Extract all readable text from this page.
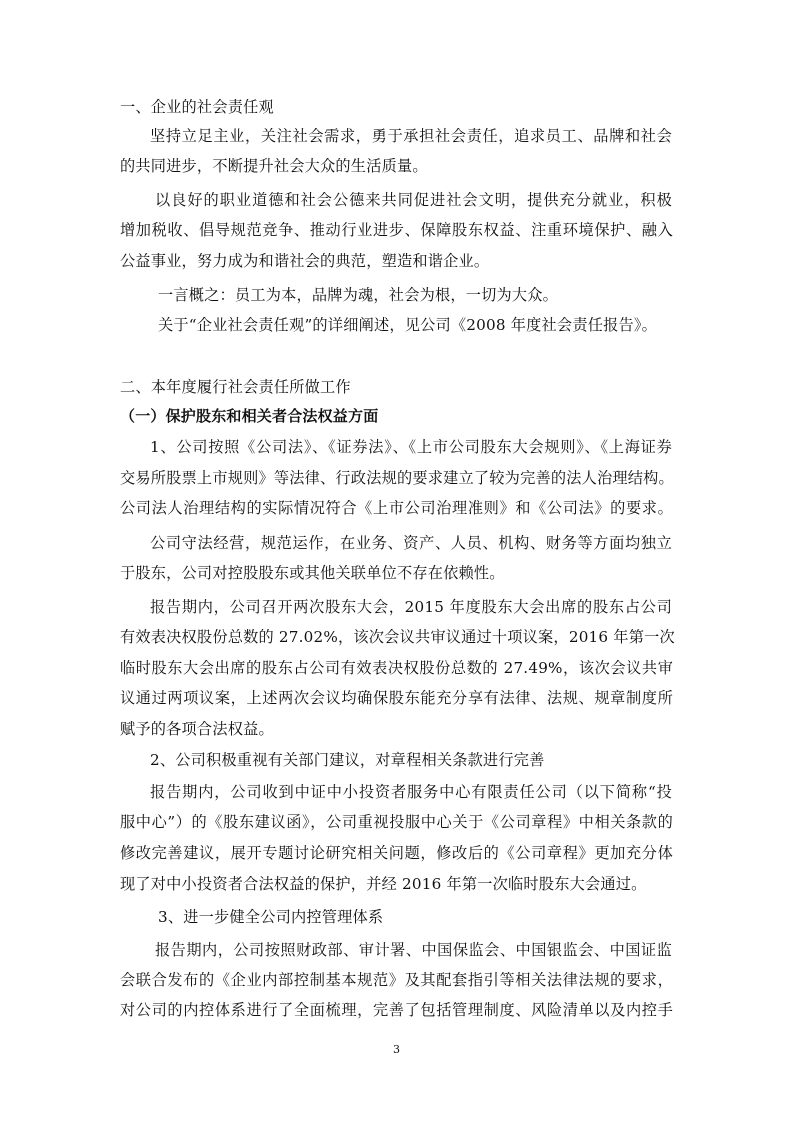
一、企业的社会责任观
坚持立足主业，关注社会需求，勇于承担社会责任，追求员工、品牌和社会
的共同进步，不断提升社会大众的生活质量。
以良好的职业道德和社会公德来共同促进社会文明，提供充分就业，积极
增加税收、倡导规范竞争、推动行业进步、保障股东权益、注重环境保护、融入
公益事业，努力成为和谐社会的典范，塑造和谐企业。
一言概之：员工为本，品牌为魂，社会为根，一切为大众。
关于“企业社会责任观”的详细阐述，见公司《2008 年度社会责任报告》。
二、本年度履行社会责任所做工作
（一）保护股东和相关者合法权益方面
1、公司按照《公司法》、《证券法》、《上市公司股东大会规则》、《上海证券
交易所股票上市规则》等法律、行政法规的要求建立了较为完善的法人治理结构。
公司法人治理结构的实际情况符合《上市公司治理准则》和《公司法》的要求。
公司守法经营，规范运作，在业务、资产、人员、机构、财务等方面均独立
于股东，公司对控股股东或其他关联单位不存在依赖性。
报告期内，公司召开两次股东大会，2015 年度股东大会出席的股东占公司
有效表决权股份总数的 27.02%，该次会议共审议通过十项议案，2016 年第一次
临时股东大会出席的股东占公司有效表决权股份总数的 27.49%，该次会议共审
议通过两项议案，上述两次会议均确保股东能充分享有法律、法规、规章制度所
赋予的各项合法权益。
2、公司积极重视有关部门建议，对章程相关条款进行完善
报告期内，公司收到中证中小投资者服务中心有限责任公司（以下简称“投
服中心”）的《股东建议函》，公司重视投服中心关于《公司章程》中相关条款的
修改完善建议，展开专题讨论研究相关问题，修改后的《公司章程》更加充分体
现了对中小投资者合法权益的保护，并经 2016 年第一次临时股东大会通过。
3、进一步健全公司内控管理体系
报告期内，公司按照财政部、审计署、中国保监会、中国银监会、中国证监
会联合发布的《企业内部控制基本规范》及其配套指引等相关法律法规的要求，
对公司的内控体系进行了全面梳理，完善了包括管理制度、风险清单以及内控手
3
